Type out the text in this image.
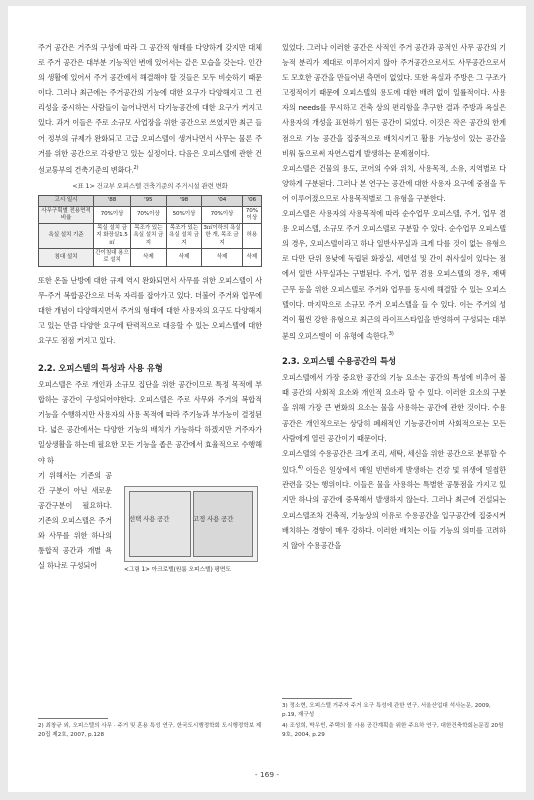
주거 공간은 거주의 구성에 따라 그 공간적 형태를 다양하게 갖지만 대체로 주거 공간은 대부분 기능적인 변에 있어서는 같은 모습을 갖는다. 인간의 생활에 있어서 주거 공간에서 해결해야 할 것들은 모두 비슷하기 때문이다. 그러나 최근에는 주거공간의 기능에 대한 요구가 다양해지고 그 컨리성을 중시하는 사람들이 늘어나면서 다기능공간에 대한 요구가 커지고 있다. 과거 이들은 주로 소규모 사업장을 위한 공간으로 쓰였지만 최근 들어 정부의 규제가 완화되고 고급 오피스텔이 생겨나면서 사무는 물론 주거를 위한 공간으로 각광받고 있는 실정이다. 다음은 오피스텔에 관한 건설교통부의 건축기준의 변화다.$^{2)}$

<표 1> 건교부 오피스텔 건축기준의 주거시설 관련 변화
고시 일시	'88	'95	'98	'04	'06
사무구획별 전용면적비율	70%이상	70%이상	50%이상	70%이상	70%이상
욕실 설치 기준	목실 설치 금지 화장실1.5 ㎡	목조가 있는 욕실 설치 금지	목조가 있는 욕실 설치 금지	3㎡이하의 욕실 한 개, 목조 금지	허용
침대 설치	간이침대 용으로 설치	삭제	삭제	삭제	삭제

또한 온돌 난방에 대한 규제 역시 완화되면서 사무를 위한 오피스텔이 사무-주거 복합공간으로 더욱 자리를 잡아가고 있다. 더불어 주거와 업무에 대한 개념이 다양해지면서 주거의 형태에 대한 사용자의 요구도 다양해지고 있는 만큼 다양한 요구에 탄력적으로 대응할 수 있는 오피스텔에 대한 요구도 점점 커지고 있다.

2.2. 오피스텔의 특성과 사용 유형

오피스텔은 주로 개인과 소규모 집단을 위한 공간이므로 특정 목적에 부합하는 공간이 구성되어야한다. 오피스텔은 주로 사무와 주거의 복합적 기능을 수행하지만 사용자의 사용 목적에 따라 주기능과 부가능이 결정된다. 넓은 공간에서는 다양한 기능의 배치가 가능하다 하겠지만 거주자가 일상생활을 하는데 필요한 모든 기능을 좁은 공간에서 효율적으로 수행해야 하

기 위해서는 기존의 공간 구분이 아닌 새로운 공간구분이 필요하다. 기존의 오피스텔은 주거와 사무를 위한 하나의 통합적 공간과 개별 욕실 하나로 구성되어
선택 사용 공간	고정 사용 공간
<그림 1> 아크로텔(원룸 오피스텔) 평면도
2) 최창규 외, 오피스텔의 사무 · 주거 및 혼용 특성 연구, 한국도시행정학회 도시행정학보 제20집 제2호, 2007, p.128

있었다. 그러나 이러한 공간은 사적인 주거 공간과 공적인 사무 공간의 기능적 분리가 제대로 이루어지지 않아 주거공간으로서도 사무공간으로서도 모호한 공간을 만들어낸 측면이 없었다. 또한 욕실과 주방은 그 구조가 고정적이기 때문에 오피스텔의 용도에 대한 배려 없이 일률적이다. 사용자의 needs를 무시하고 건축 상의 편리함을 추구한 결과 주방과 욕실은 사용자의 개성을 표현하기 힘든 공간이 되었다. 이것은 작은 공간의 한계점으로 기능 공간을 집중적으로 배치시키고 활용 가능성이 있는 공간을 비워 둠으로써 자연스럽게 발생하는 문제점이다.

오피스텔은 건물의 용도, 코어의 수와 위치, 사용목적, 소유, 지역별로 다양하게 구분된다. 그러나 본 연구는 공간에 대한 사용자 요구에 중점을 두어 이루어졌으므로 사용목적별로 그 유형을 구분한다.

오피스텔은 사용자의 사용목적에 따라 순수업무 오피스텔, 주거, 업무 겸용 오피스텔, 소규모 주거 오피스텔로 구분할 수 있다. 순수업무 오피스텔의 경우, 오피스텔이라고 하나 일반사무실과 크게 다를 것이 없는 유형으로 다만 단위 용낮에 독립된 화장실, 세면설 및 간이 취사실이 있다는 점에서 일반 사무실과는 구별된다. 주거, 업무 겸용 오피스텔의 경우, 재택근무 등을 위한 오피스텔로 주거와 업무를 동시에 해결할 수 있는 오피스텔이다. 마지막으로 소규모 주거 오피스텔을 들 수 있다. 이는 주거의 성격이 훨씬 강한 유형으로 최근의 라이프스타일을 반영하여 구성되는 대부분의 오피스텔이 이 유형에 속한다.$^{3)}$

2.3. 오피스텔 수용공간의 특성

오피스텔에서 가장 중요한 공간의 기능 요소는 공간의 특성에 비추어 볼 때 공간의 사회적 요소와 개인적 요소라 할 수 있다. 이러한 요소의 구분을 위해 가장 큰 변화의 요소는 물을 사용하는 공간에 관한 것이다. 수용공간은 개인적으로는 상당히 폐쇄적인 기능공간이며 사회적으로는 모든 사람에게 열린 공간이기 때문이다.

오피스텔의 수용공간은 크게 조리, 세탁, 세신을 위한 공간으로 분류할 수 있다.$^{4)}$ 이들은 일상에서 매일 빈번하게 발생하는 건강 및 위생에 밀접한 관련을 갖는 행위이다. 이들은 물을 사용하는 특별한 공통점을 가지고 있지만 하나의 공간에 중복해서 발생하지 않는다. 그러나 최근에 건설되는 오피스텔조차 건축적, 기능상의 이유로 수용공간을 입구공간에 집중시켜 배치하는 경향이 매우 강하다. 이러한 배치는 이들 기능의 의미를 고려하지 않아 수용공간을

3) 정소현, 오피스텔 거주자 주거 요구 특성에 관한 연구, 서울산업대 석사논문, 2009, p.19, 재구성
4) 조성희, 박우빈, 주택의 물 사용 공간계획을 위한 주요하 연구, 대한건축학회논문집 20원9호, 2004, p.29
- 169 -
